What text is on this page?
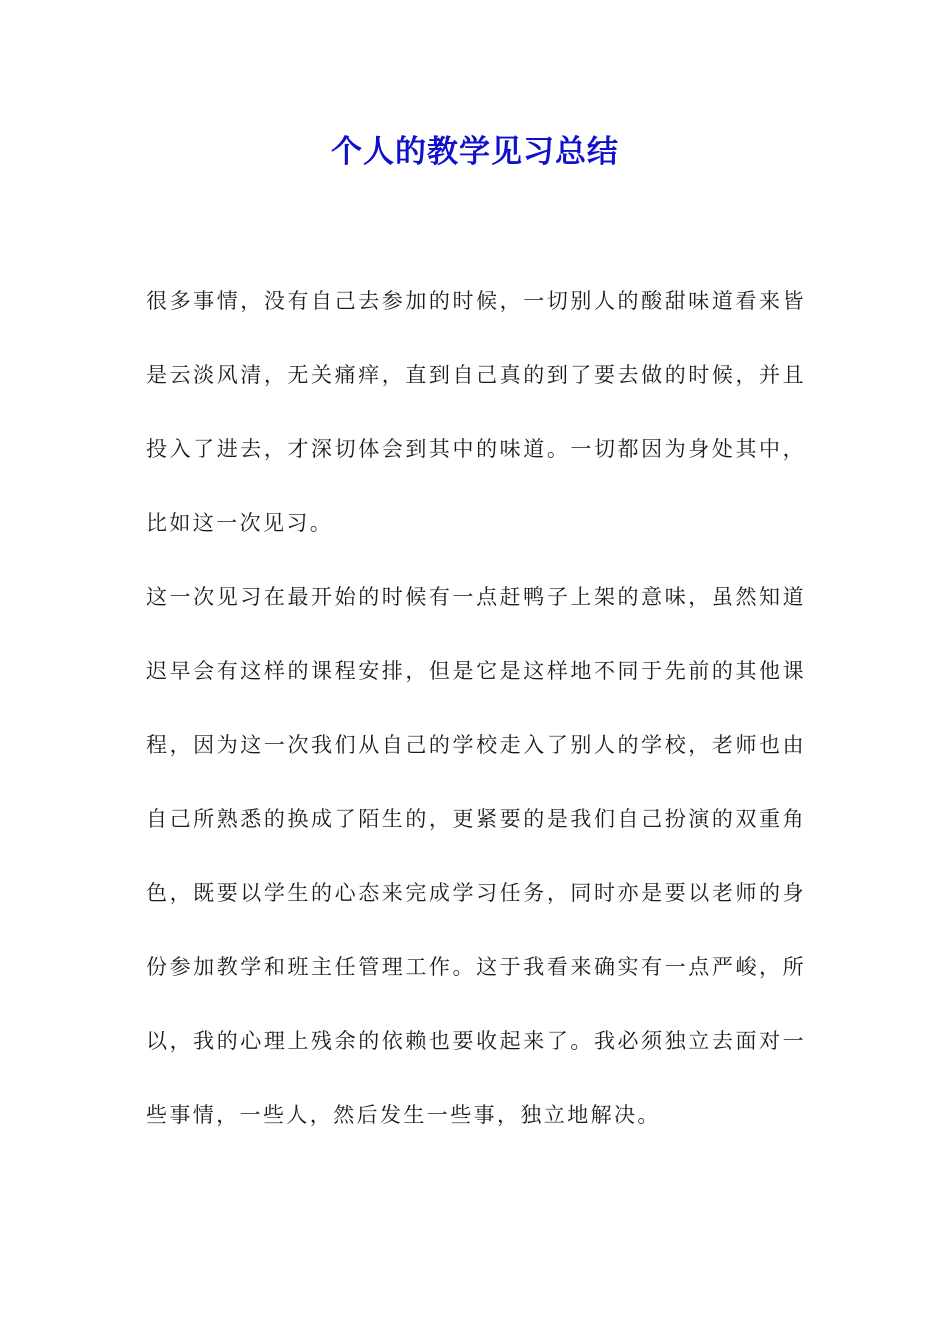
个人的教学见习总结

很多事情，没有自己去参加的时候，一切别人的酸甜味道看来皆是云淡风清，无关痛痒，直到自己真的到了要去做的时候，并且投入了进去，才深切体会到其中的味道。一切都因为身处其中，比如这一次见习。

这一次见习在最开始的时候有一点赶鸭子上架的意味，虽然知道迟早会有这样的课程安排，但是它是这样地不同于先前的其他课程，因为这一次我们从自己的学校走入了别人的学校，老师也由自己所熟悉的换成了陌生的，更紧要的是我们自己扮演的双重角色，既要以学生的心态来完成学习任务，同时亦是要以老师的身份参加教学和班主任管理工作。这于我看来确实有一点严峻，所以，我的心理上残余的依赖也要收起来了。我必须独立去面对一些事情，一些人，然后发生一些事，独立地解决。
